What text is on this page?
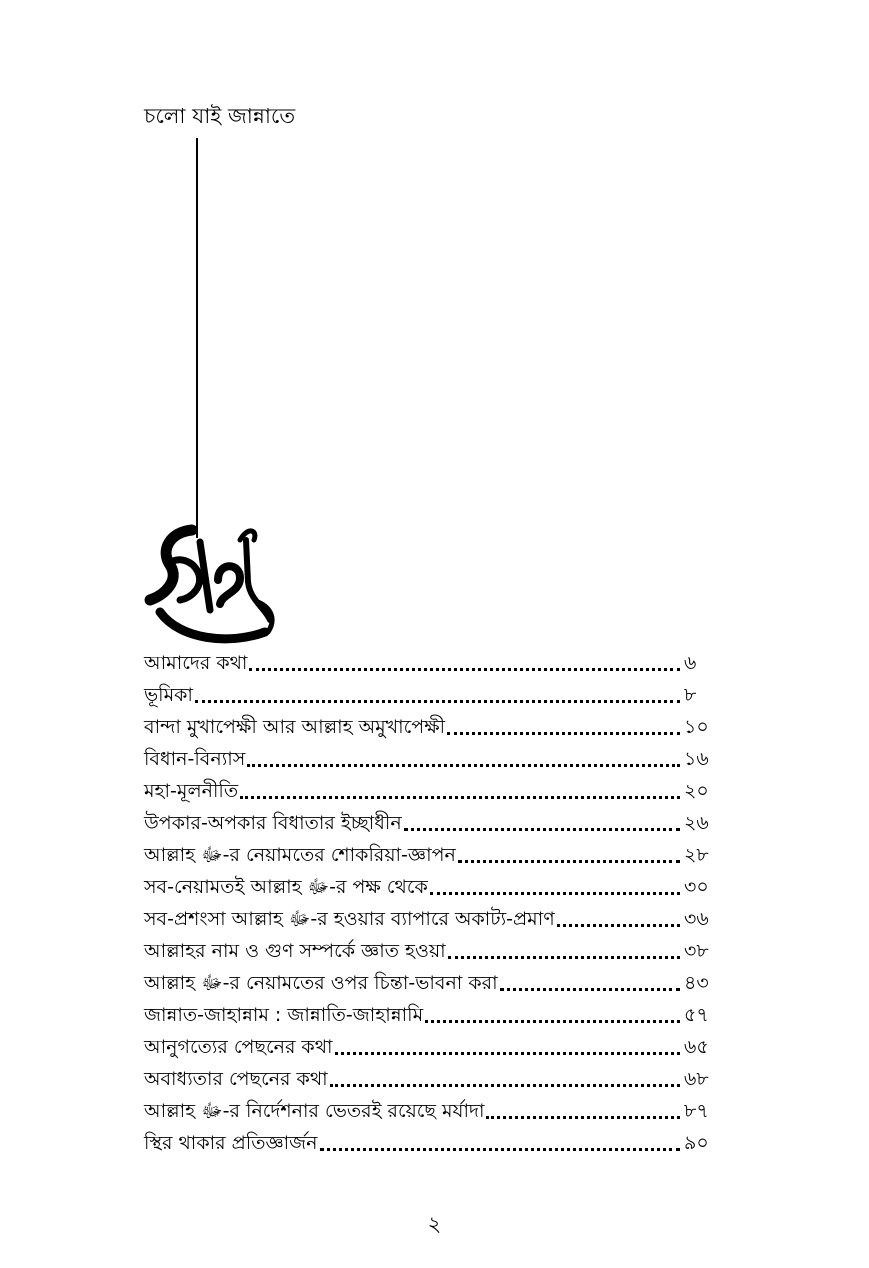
চলো যাই জান্নাতে
আমাদের কথা	৬
ভূমিকা	৮
বান্দা মুখাপেক্ষী আর আল্লাহ অমুখাপেক্ষী	১০
বিধান-বিন্যাস	১৬
মহা-মূলনীতি	২০
উপকার-অপকার বিধাতার ইচ্ছাধীন	২৬
আল্লাহ ﷻ-র নেয়ামতের শোকরিয়া-জ্ঞাপন	২৮
সব-নেয়ামতই আল্লাহ ﷻ-র পক্ষ থেকে	৩০
সব-প্রশংসা আল্লাহ ﷻ-র হওয়ার ব্যাপারে অকাট্য-প্রমাণ	৩৬
আল্লাহর নাম ও গুণ সম্পর্কে জ্ঞাত হওয়া	৩৮
আল্লাহ ﷻ-র নেয়ামতের ওপর চিন্তা-ভাবনা করা	৪৩
জান্নাত-জাহান্নাম : জান্নাতি-জাহান্নামি	৫৭
আনুগত্যের পেছনের কথা	৬৫
অবাধ্যতার পেছনের কথা	৬৮
আল্লাহ ﷻ-র নির্দেশনার ভেতরই রয়েছে মর্যাদা	৮৭
স্থির থাকার প্রতিজ্ঞার্জন	৯০
২
